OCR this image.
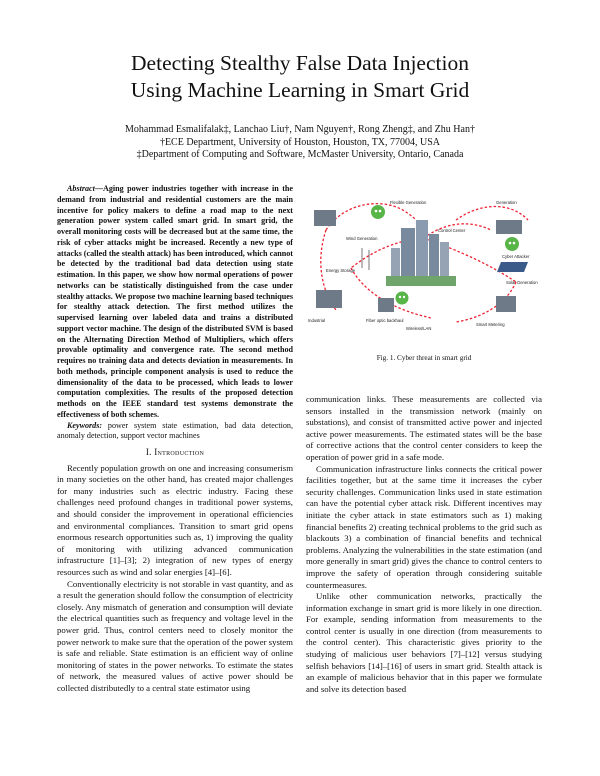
Detecting Stealthy False Data Injection
Using Machine Learning in Smart Grid
Mohammad Esmalifalak‡, Lanchao Liu†, Nam Nguyen†, Rong Zheng‡, and Zhu Han†
†ECE Department, University of Houston, Houston, TX, 77004, USA
‡Department of Computing and Software, McMaster University, Ontario, Canada

Abstract—Aging power industries together with increase in the demand from industrial and residential customers are the main incentive for policy makers to define a road map to the next generation power system called smart grid. In smart grid, the overall monitoring costs will be decreased but at the same time, the risk of cyber attacks might be increased. Recently a new type of attacks (called the stealth attack) has been introduced, which cannot be detected by the traditional bad data detection using state estimation. In this paper, we show how normal operations of power networks can be statistically distinguished from the case under stealthy attacks. We propose two machine learning based techniques for stealthy attack detection. The first method utilizes the supervised learning over labeled data and trains a distributed support vector machine. The design of the distributed SVM is based on the Alternating Direction Method of Multipliers, which offers provable optimality and convergence rate. The second method requires no training data and detects deviation in measurements. In both methods, principle component analysis is used to reduce the dimensionality of the data to be processed, which leads to lower computation complexities. The results of the proposed detection methods on the IEEE standard test systems demonstrate the effectiveness of both schemes.

Keywords: power system state estimation, bad data detection, anomaly detection, support vector machines

I. Introduction

Recently population growth on one and increasing consumerism in many societies on the other hand, has created major challenges for many industries such as electric industry. Facing these challenges need profound changes in traditional power systems, and should consider the improvement in operational efficiencies and environmental compliances. Transition to smart grid opens enormous research opportunities such as, 1) improving the quality of monitoring with utilizing advanced communication infrastructure [1]–[3]; 2) integration of new types of energy resources such as wind and solar energies [4]–[6].

Conventionally electricity is not storable in vast quantity, and as a result the generation should follow the consumption of electricity closely. Any mismatch of generation and consumption will deviate the electrical quantities such as frequency and voltage level in the power grid. Thus, control centers need to closely monitor the power network to make sure that the operation of the power system is safe and reliable. State estimation is an efficient way of online monitoring of states in the power networks. To estimate the states of network, the measured values of active power should be collected distributedly to a central state estimator using

Flexible Generation	Generation
Wind Generation
Control Center
Cyber Attacker
Energy Storage
Solar Generation
Industrial	Fiber optic backhaul
Wireless/LAN
Smart Metering
Fig. 1. Cyber threat in smart grid

communication links. These measurements are collected via sensors installed in the transmission network (mainly on substations), and consist of transmitted active power and injected active power measurements. The estimated states will be the base of corrective actions that the control center considers to keep the operation of power grid in a safe mode.

Communication infrastructure links connects the critical power facilities together, but at the same time it increases the cyber security challenges. Communication links used in state estimation can have the potential cyber attack risk. Different incentives may initiate the cyber attack in state estimators such as 1) making financial benefits 2) creating technical problems to the grid such as blackouts 3) a combination of financial benefits and technical problems. Analyzing the vulnerabilities in the state estimation (and more generally in smart grid) gives the chance to control centers to improve the safety of operation through considering suitable countermeasures.

Unlike other communication networks, practically the information exchange in smart grid is more likely in one direction. For example, sending information from measurements to the control center is usually in one direction (from measurements to the control center). This characteristic gives priority to the studying of malicious user behaviors [7]–[12] versus studying selfish behaviors [14]–[16] of users in smart grid. Stealth attack is an example of malicious behavior that in this paper we formulate and solve its detection based
